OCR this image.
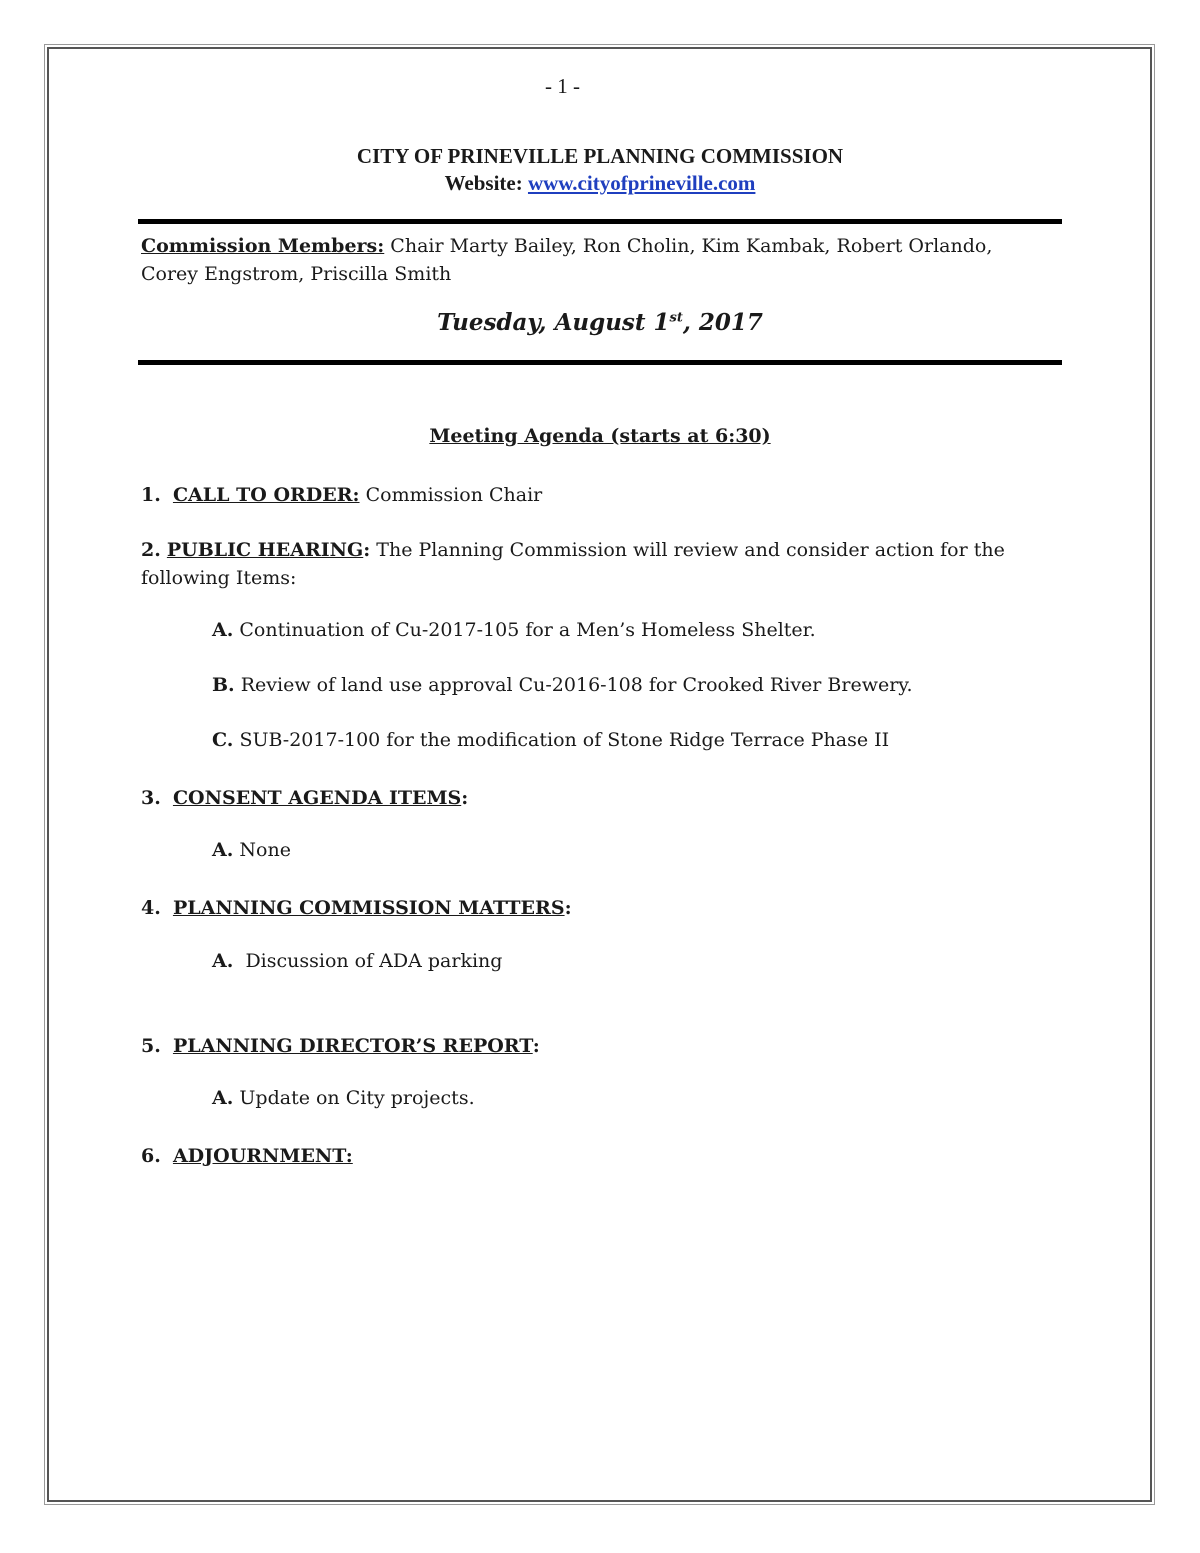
- 1 -
CITY OF PRINEVILLE PLANNING COMMISSION
Website: www.cityofprineville.com
Commission Members: Chair Marty Bailey, Ron Cholin, Kim Kambak, Robert Orlando, Corey Engstrom, Priscilla Smith
Tuesday, August 1st, 2017
Meeting Agenda (starts at 6:30)
1. CALL TO ORDER: Commission Chair
2. PUBLIC HEARING: The Planning Commission will review and consider action for the following Items:
A. Continuation of Cu-2017-105 for a Men’s Homeless Shelter.
B. Review of land use approval Cu-2016-108 for Crooked River Brewery.
C. SUB-2017-100 for the modification of Stone Ridge Terrace Phase II
3. CONSENT AGENDA ITEMS:
A. None
4. PLANNING COMMISSION MATTERS:
A.  Discussion of ADA parking
5. PLANNING DIRECTOR’S REPORT:
A. Update on City projects.
6. ADJOURNMENT:
